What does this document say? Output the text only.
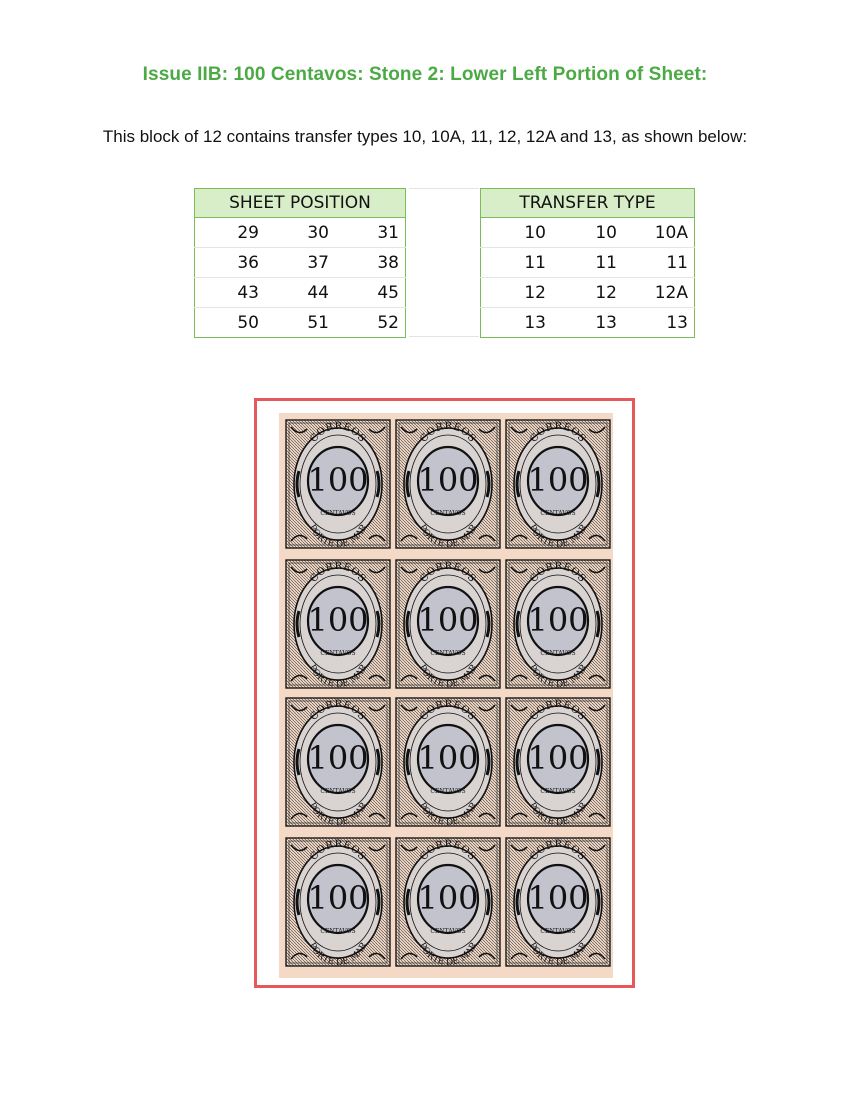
Issue IIB: 100 Centavos: Stone 2: Lower Left Portion of Sheet:
This block of 12 contains transfer types 10, 10A, 11, 12, 12A and 13, as shown below:
SHEET POSITION		
29	30	31
36	37	38
43	44	45
50	51	52
TRANSFER TYPE		
10	10	10A
11	11	11
12	12	12A
13	13	13
CORREOS
100
CENTAVOS
PORTE DE MAR
CORREOS
100
CENTAVOS
PORTE DE MAR
CORREOS
100
CENTAVOS
PORTE DE MAR
CORREOS
100
CENTAVOS
PORTE DE MAR
CORREOS
100
CENTAVOS
PORTE DE MAR
CORREOS
100
CENTAVOS
PORTE DE MAR
CORREOS
100
CENTAVOS
PORTE DE MAR
CORREOS
100
CENTAVOS
PORTE DE MAR
CORREOS
100
CENTAVOS
PORTE DE MAR
CORREOS
100
CENTAVOS
PORTE DE MAR
CORREOS
100
CENTAVOS
PORTE DE MAR
CORREOS
100
CENTAVOS
PORTE DE MAR
